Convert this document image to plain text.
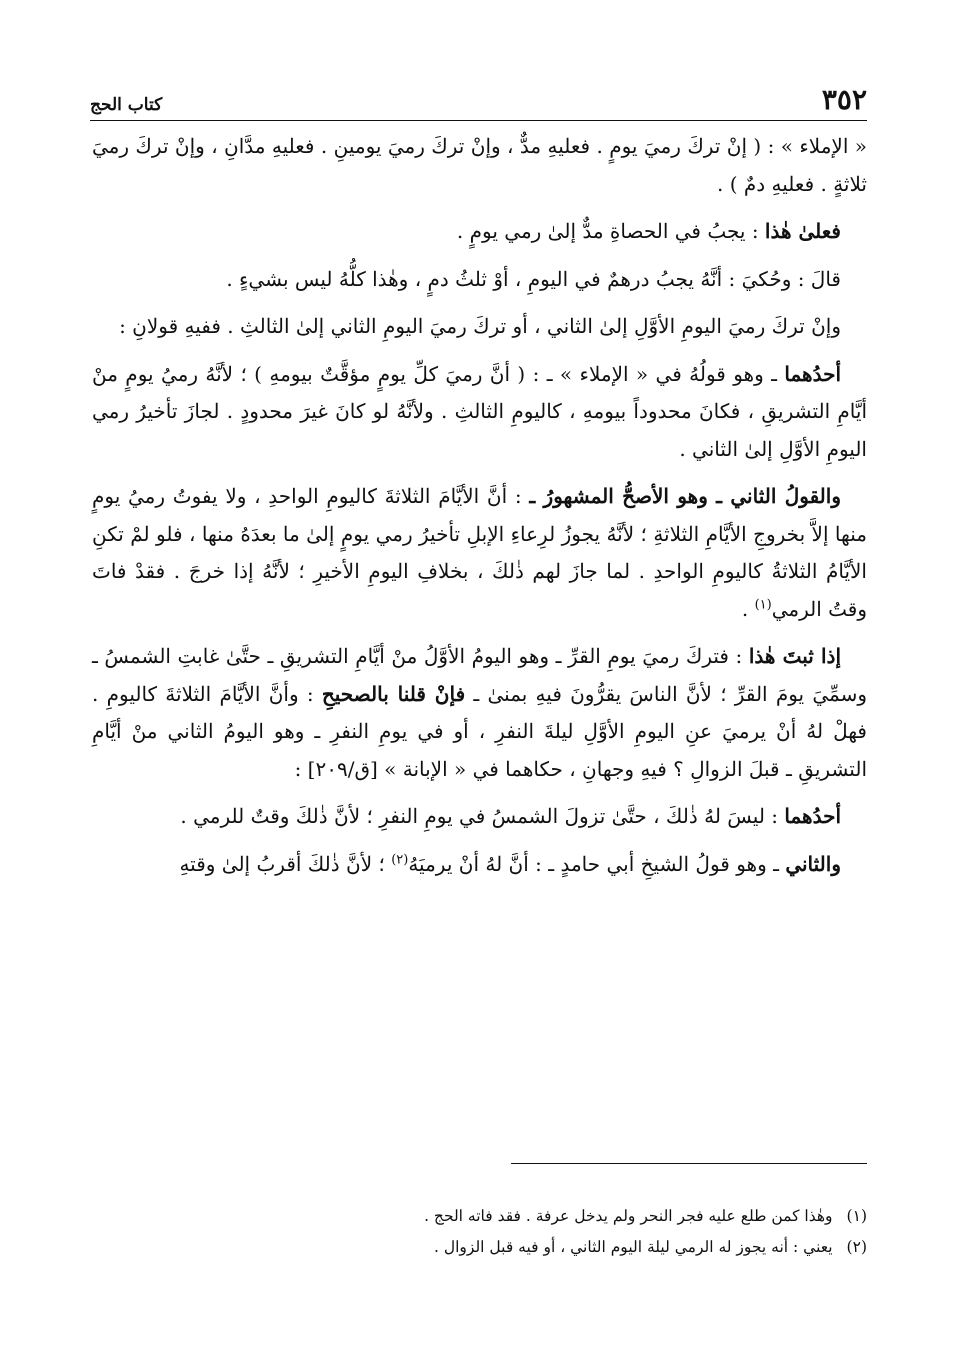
٣٥٢
كتاب الحج

« الإملاء » : ( إنْ تركَ رميَ يومٍ . فعليهِ مدٌّ ، وإنْ تركَ رميَ يومينِ . فعليهِ مدَّانِ ، وإنْ تركَ رميَ ثلاثةٍ . فعليهِ دمٌ ) .

فعلىٰ هٰذا : يجبُ في الحصاةِ مدٌّ إلىٰ رمي يومٍ .

قالَ : وحُكيَ : أنَّهُ يجبُ درهمٌ في اليومِ ، أوْ ثلثُ دمٍ ، وهٰذا كلُّهُ ليس بشيءٍ .

وإنْ تركَ رميَ اليومِ الأوَّلِ إلىٰ الثاني ، أو تركَ رميَ اليومِ الثاني إلىٰ الثالثِ . ففيهِ قولانِ :

أحدُهما ـ وهو قولُهُ في « الإملاء » ـ : ( أنَّ رميَ كلِّ يومٍ مؤقَّتٌ بيومهِ ) ؛ لأنَّهُ رميُ يومٍ منْ أيَّامِ التشريقِ ، فكانَ محدوداً بيومهِ ، كاليومِ الثالثِ . ولأنَّهُ لو كانَ غيرَ محدودٍ . لجازَ تأخيرُ رمي اليومِ الأوَّلِ إلىٰ الثاني .

والقولُ الثاني ـ وهو الأصحُّ المشهورُ ـ : أنَّ الأيَّامَ الثلاثةَ كاليومِ الواحدِ ، ولا يفوتُ رميُ يومٍ منها إلاَّ بخروجِ الأيَّامِ الثلاثةِ ؛ لأنَّهُ يجوزُ لرِعاءِ الإبلِ تأخيرُ رمي يومٍ إلىٰ ما بعدَهُ منها ، فلو لمْ تكنِ الأيَّامُ الثلاثةُ كاليومِ الواحدِ . لما جازَ لهم ذٰلكَ ، بخلافِ اليومِ الأخيرِ ؛ لأنَّهُ إذا خرجَ . فقدْ فاتَ وقتُ الرمي$^{(١)}$ .

إذا ثبتَ هٰذا : فتركَ رميَ يومِ القرِّ ـ وهو اليومُ الأوَّلُ منْ أيَّامِ التشريقِ ـ حتَّىٰ غابتِ الشمسُ ـ وسمِّيَ يومَ القرِّ ؛ لأنَّ الناسَ يقرُّونَ فيهِ بمنىٰ ـ فإنْ قلنا بالصحيحِ : وأنَّ الأيَّامَ الثلاثةَ كاليومِ . فهلْ لهُ أنْ يرميَ عنِ اليومِ الأوَّلِ ليلةَ النفرِ ، أو في يومِ النفرِ ـ وهو اليومُ الثاني منْ أيَّامِ التشريقِ ـ قبلَ الزوالِ ؟ فيهِ وجهانِ ، حكاهما في « الإبانة » [ق/٢٠٩] :

أحدُهما : ليسَ لهُ ذٰلكَ ، حتَّىٰ تزولَ الشمسُ في يومِ النفرِ ؛ لأنَّ ذٰلكَ وقتٌ للرمي .

والثاني ـ وهو قولُ الشيخِ أبي حامدٍ ـ : أنَّ لهُ أنْ يرميَهُ$^{(٢)}$ ؛ لأنَّ ذٰلكَ أقربُ إلىٰ وقتهِ

(١)
وهٰذا كمن طلع عليه فجر النحر ولم يدخل عرفة . فقد فاته الحج .
(٢)
يعني : أنه يجوز له الرمي ليلة اليوم الثاني ، أو فيه قبل الزوال .
